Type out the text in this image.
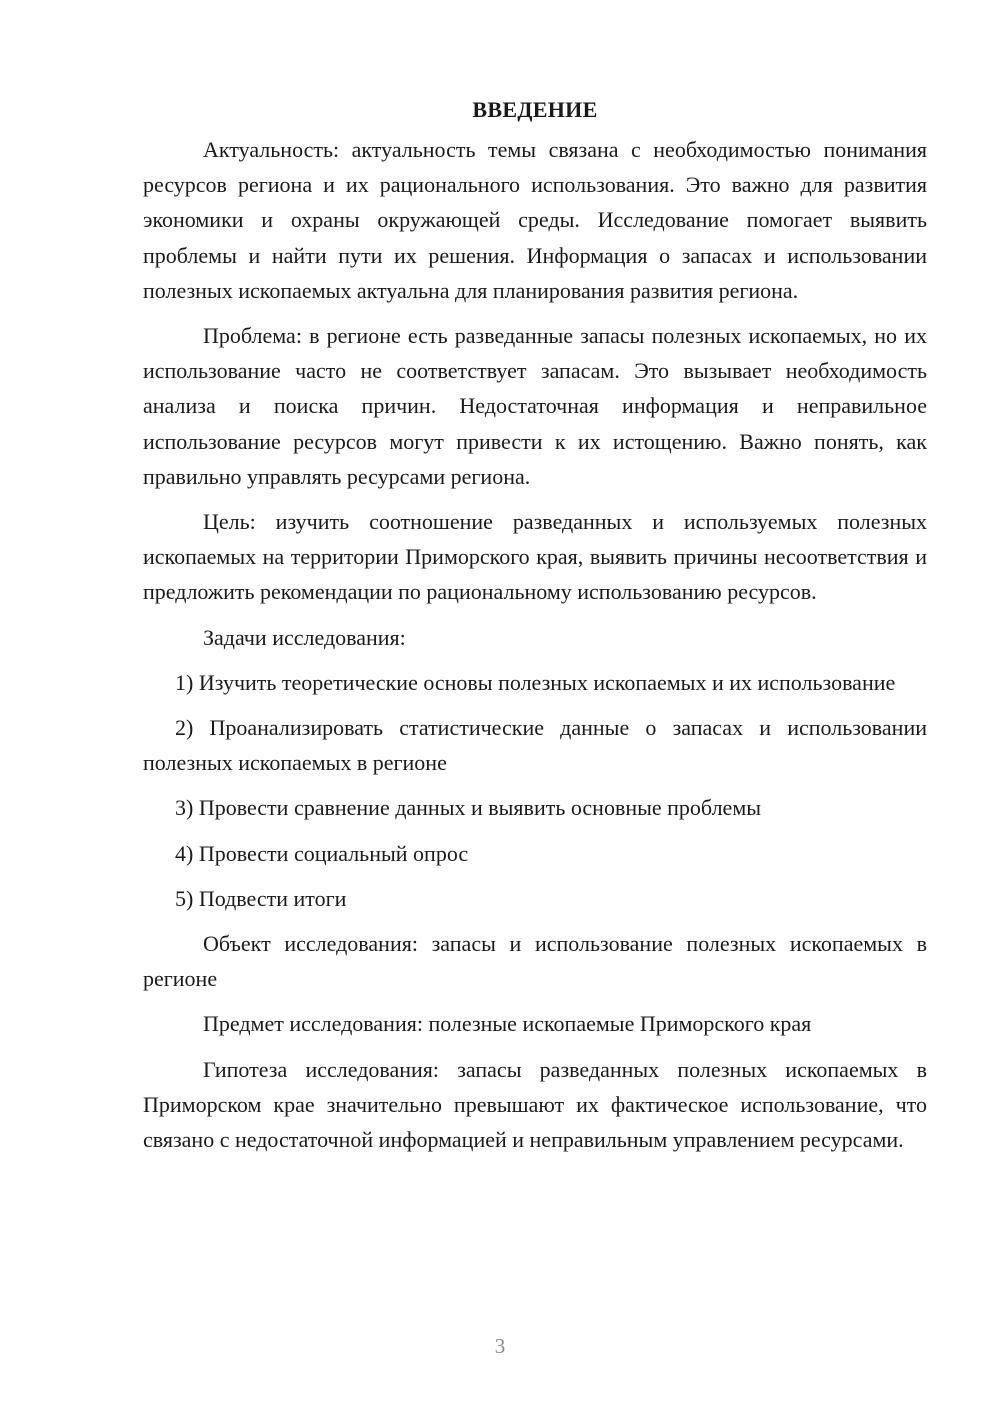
ВВЕДЕНИЕ

Актуальность: актуальность темы связана с необходимостью понимания ресурсов региона и их рационального использования. Это важно для развития экономики и охраны окружающей среды. Исследование помогает выявить проблемы и найти пути их решения. Информация о запасах и использовании полезных ископаемых актуальна для планирования развития региона.

Проблема: в регионе есть разведанные запасы полезных ископаемых, но их использование часто не соответствует запасам. Это вызывает необходимость анализа и поиска причин. Недостаточная информация и неправильное использование ресурсов могут привести к их истощению. Важно понять, как правильно управлять ресурсами региона.

Цель: изучить соотношение разведанных и используемых полезных ископаемых на территории Приморского края, выявить причины несоответствия и предложить рекомендации по рациональному использованию ресурсов.

Задачи исследования:

1) Изучить теоретические основы полезных ископаемых и их использование

2) Проанализировать статистические данные о запасах и использовании полезных ископаемых в регионе

3) Провести сравнение данных и выявить основные проблемы

4) Провести социальный опрос

5) Подвести итоги

Объект исследования: запасы и использование полезных ископаемых в регионе

Предмет исследования: полезные ископаемые Приморского края

Гипотеза исследования: запасы разведанных полезных ископаемых в Приморском крае значительно превышают их фактическое использование, что связано с недостаточной информацией и неправильным управлением ресурсами.

3
